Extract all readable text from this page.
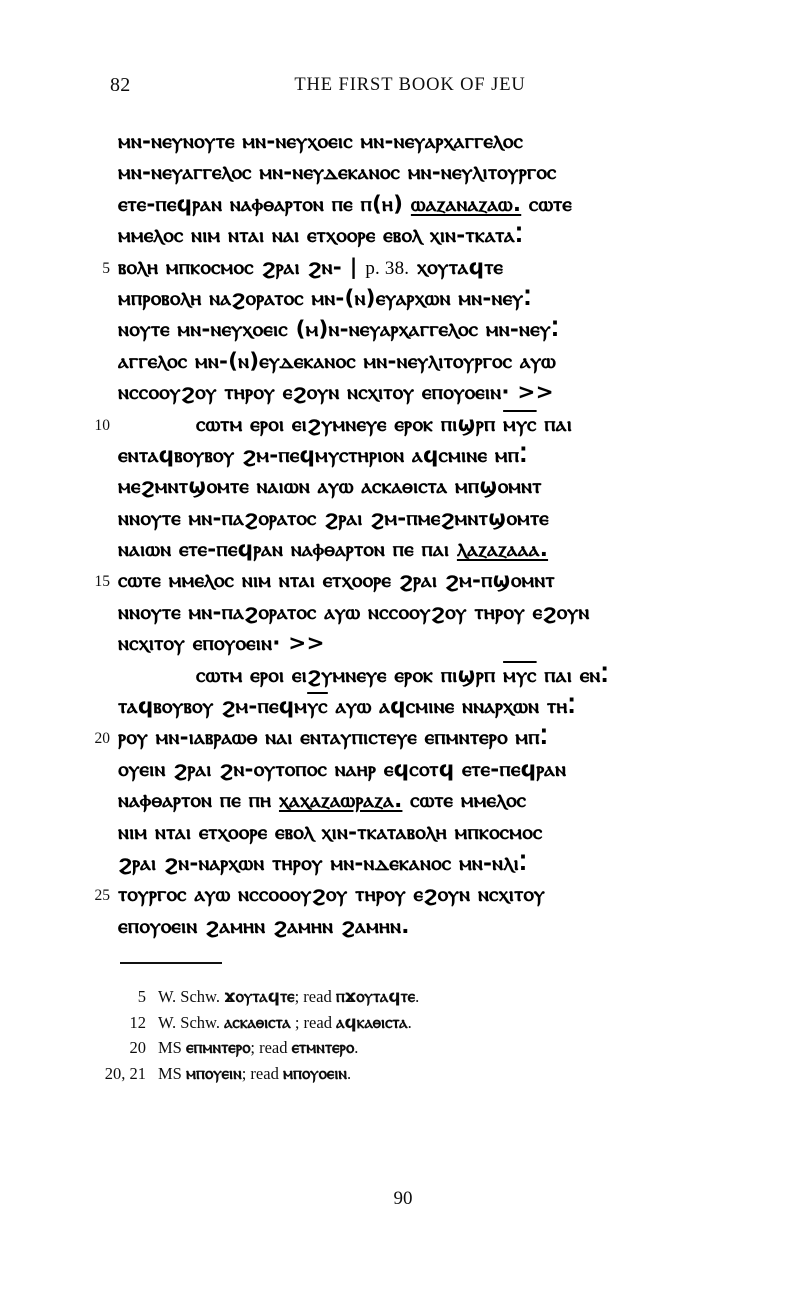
82	THE FIRST BOOK OF JEU
ⲙⲛ-ⲛⲉⲩⲛⲟⲩⲧⲉ ⲙⲛ-ⲛⲉⲩⲭⲟⲉⲓⲥ ⲙⲛ-ⲛⲉⲩⲁⲣⲭⲁⲅⲅⲉⲗⲟⲥ
ⲙⲛ-ⲛⲉⲩⲁⲅⲅⲉⲗⲟⲥ ⲙⲛ-ⲛⲉⲩⲇⲉⲕⲁⲛⲟⲥ ⲙⲛ-ⲛⲉⲩⲗⲓⲧⲟⲩⲣⲅⲟⲥ
ⲉⲧⲉ-ⲡⲉϥⲣⲁⲛ ⲛⲁⲫⲑⲁⲣⲧⲟⲛ ⲡⲉ ⲡ(ⲏ) ⲱⲁⲍⲁⲛⲁⲍⲁⲱ. ⲥⲱⲧⲉ
ⲙⲙⲉⲗⲟⲥ ⲛⲓⲙ ⲛⲧⲁⲓ ⲛⲁⲓ ⲉⲧⲭⲟⲟⲣⲉ ⲉⲃⲟⲗ ⲭⲓⲛ-ⲧⲕⲁⲧⲁ⁚
5 ⲃⲟⲗⲏ ⲙⲡⲕⲟⲥⲙⲟⲥ ϩⲣⲁⲓ ϩⲛ- | p. 38. ⲭⲟⲩⲧⲁϥⲧⲉ
ⲙⲡⲣⲟⲃⲟⲗⲏ ⲛⲁϩⲟⲣⲁⲧⲟⲥ ⲙⲛ-(ⲛ)ⲉⲩⲁⲣⲭⲱⲛ ⲙⲛ-ⲛⲉⲩ⁚
ⲛⲟⲩⲧⲉ ⲙⲛ-ⲛⲉⲩⲭⲟⲉⲓⲥ (ⲙ)ⲛ-ⲛⲉⲩⲁⲣⲭⲁⲅⲅⲉⲗⲟⲥ ⲙⲛ-ⲛⲉⲩ⁚
ⲁⲅⲅⲉⲗⲟⲥ ⲙⲛ-(ⲛ)ⲉⲩⲇⲉⲕⲁⲛⲟⲥ ⲙⲛ-ⲛⲉⲩⲗⲓⲧⲟⲩⲣⲅⲟⲥ ⲁⲩⲱ
ⲛⲥⲥⲟⲟⲩϩⲟⲩ ⲧⲏⲣⲟⲩ ⲉϩⲟⲩⲛ ⲛⲥⲭⲓⲧⲟⲩ ⲉⲡⲟⲩⲟⲉⲓⲛ· >>
10	ⲥⲱⲧⲙ ⲉⲣⲟⲓ ⲉⲓϩⲩⲙⲛⲉⲩⲉ ⲉⲣⲟⲕ ⲡⲓϣⲣⲡ ⲙⲩⲥ ⲡⲁⲓ
ⲉⲛⲧⲁϥⲃⲟⲩⲃⲟⲩ ϩⲙ-ⲡⲉϥⲙⲩⲥⲧⲏⲣⲓⲟⲛ ⲁϥⲥⲙⲓⲛⲉ ⲙⲡ⁚
ⲙⲉϩⲙⲛⲧϣⲟⲙⲧⲉ ⲛⲁⲓⲱⲛ ⲁⲩⲱ ⲁⲥⲕⲁⲑⲓⲥⲧⲁ ⲙⲡϣⲟⲙⲛⲧ
ⲛⲛⲟⲩⲧⲉ ⲙⲛ-ⲡⲁϩⲟⲣⲁⲧⲟⲥ ϩⲣⲁⲓ ϩⲙ-ⲡⲙⲉϩⲙⲛⲧϣⲟⲙⲧⲉ
ⲛⲁⲓⲱⲛ ⲉⲧⲉ-ⲡⲉϥⲣⲁⲛ ⲛⲁⲫⲑⲁⲣⲧⲟⲛ ⲡⲉ ⲡⲁⲓ ⲗⲁⲍⲁⲍⲁⲁⲁ.
15 ⲥⲱⲧⲉ ⲙⲙⲉⲗⲟⲥ ⲛⲓⲙ ⲛⲧⲁⲓ ⲉⲧⲭⲟⲟⲣⲉ ϩⲣⲁⲓ ϩⲙ-ⲡϣⲟⲙⲛⲧ
ⲛⲛⲟⲩⲧⲉ ⲙⲛ-ⲡⲁϩⲟⲣⲁⲧⲟⲥ ⲁⲩⲱ ⲛⲥⲥⲟⲟⲩϩⲟⲩ ⲧⲏⲣⲟⲩ ⲉϩⲟⲩⲛ
ⲛⲥⲭⲓⲧⲟⲩ ⲉⲡⲟⲩⲟⲉⲓⲛ· >>
ⲥⲱⲧⲙ ⲉⲣⲟⲓ ⲉⲓϩⲩⲙⲛⲉⲩⲉ ⲉⲣⲟⲕ ⲡⲓϣⲣⲡ ⲙⲩⲥ ⲡⲁⲓ ⲉⲛ⁚
ⲧⲁϥⲃⲟⲩⲃⲟⲩ ϩⲙ-ⲡⲉϥⲙⲩⲥ ⲁⲩⲱ ⲁϥⲥⲙⲓⲛⲉ ⲛⲛⲁⲣⲭⲱⲛ ⲧⲏ⁚
20 ⲣⲟⲩ ⲙⲛ-ⲓⲁⲃⲣⲁⲱⲑ ⲛⲁⲓ ⲉⲛⲧⲁⲩⲡⲓⲥⲧⲉⲩⲉ ⲉⲡⲙⲛⲧⲉⲣⲟ ⲙⲡ⁚
ⲟⲩⲉⲓⲛ ϩⲣⲁⲓ ϩⲛ-ⲟⲩⲧⲟⲡⲟⲥ ⲛⲁⲏⲣ ⲉϥⲥⲟⲧϥ ⲉⲧⲉ-ⲡⲉϥⲣⲁⲛ
ⲛⲁⲫⲑⲁⲣⲧⲟⲛ ⲡⲉ ⲡⲏ ⲭⲁⲭⲁⲍⲁⲱⲣⲁⲍⲁ. ⲥⲱⲧⲉ ⲙⲙⲉⲗⲟⲥ
ⲛⲓⲙ ⲛⲧⲁⲓ ⲉⲧⲭⲟⲟⲣⲉ ⲉⲃⲟⲗ ⲭⲓⲛ-ⲧⲕⲁⲧⲁⲃⲟⲗⲏ ⲙⲡⲕⲟⲥⲙⲟⲥ
ϩⲣⲁⲓ ϩⲛ-ⲛⲁⲣⲭⲱⲛ ⲧⲏⲣⲟⲩ ⲙⲛ-ⲛⲇⲉⲕⲁⲛⲟⲥ ⲙⲛ-ⲛⲗⲓ⁚
25 ⲧⲟⲩⲣⲅⲟⲥ ⲁⲩⲱ ⲛⲥⲥⲟⲟⲟⲩϩⲟⲩ ⲧⲏⲣⲟⲩ ⲉϩⲟⲩⲛ ⲛⲥⲭⲓⲧⲟⲩ
ⲉⲡⲟⲩⲟⲉⲓⲛ ϩⲁⲙⲏⲛ ϩⲁⲙⲏⲛ ϩⲁⲙⲏⲛ.
5 W. Schw. ϫⲟⲩⲧⲁϥⲧⲉ; read ⲡϫⲟⲩⲧⲁϥⲧⲉ.
12 W. Schw. ⲁⲥⲕⲁⲑⲓⲥⲧⲁ ; read ⲁϥⲕⲁⲑⲓⲥⲧⲁ.
20 MS ⲉⲡⲙⲛⲧⲉⲣⲟ; read ⲉⲧⲙⲛⲧⲉⲣⲟ.
20, 21 MS ⲙⲡⲟⲩⲉⲓⲛ; read ⲙⲡⲟⲩⲟⲉⲓⲛ.
90
